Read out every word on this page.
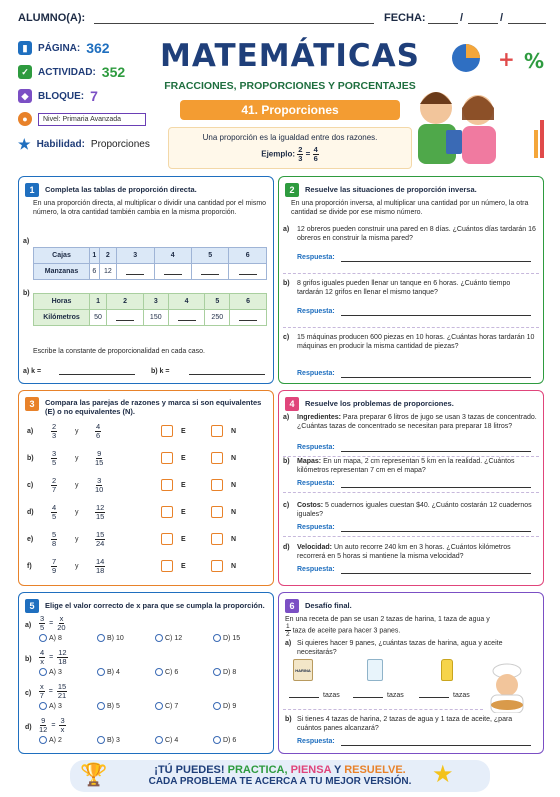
ALUMNO(A):	FECHA:	/	/
▮	PÁGINA: 362
✓ ACTIVIDAD: 352
◆ BLOQUE: 7
●	Nivel: Primaria Avanzada
★ Habilidad: Proporciones
MATEMÁTICAS
FRACCIONES, PROPORCIONES Y PORCENTAJES
41. Proporciones
Una proporción es la igualdad entre dos razones.
Ejemplo: $\frac{2}{3} = \frac{4}{6}$
+ %
1	Completa las tablas de proporción directa.
En una proporción directa, al multiplicar o dividir una cantidad por el mismo número, la otra cantidad también cambia en la misma proporción.
a)
Cajas	1	2	3	4	5	6
Manzanas	6	12				
b)
Horas	1	2	3	4	5	6
Kilómetros	50		150		250	
Escribe la constante de proporcionalidad en cada caso.
a) k =	b) k =
2	Resuelve las situaciones de proporción inversa.
En una proporción inversa, al multiplicar una cantidad por un número, la otra cantidad se divide por ese mismo número.
a) 12 obreros pueden construir una pared en 8 días. ¿Cuántos días tardarán 16 obreros en construir la misma pared?
Respuesta:
b) 8 grifos iguales pueden llenar un tanque en 6 horas. ¿Cuánto tiempo tardarán 12 grifos en llenar el mismo tanque?
Respuesta:
c) 15 máquinas producen 600 piezas en 10 horas. ¿Cuántas horas tardarán 10 máquinas en producir la misma cantidad de piezas?
Respuesta:
3	Compara las parejas de razones y marca si son equivalentes (E) o no equivalentes (N).
$a) \frac{2}{3}$	y $\frac{4}{6}$	E	N
$b) \frac{3}{5}$	y $\frac{9}{15}$	E	N
$c) \frac{2}{7}$	y $\frac{3}{10}$	E	N
$d) \frac{4}{5}$	y $\frac{12}{15}$	E	N
$e) \frac{5}{8}$	y $\frac{15}{24}$	E	N
f)	$\frac{7}{9}$	y $\frac{14}{18}$	E	N
4	Resuelve los problemas de proporciones.
a) Ingredientes: Para preparar 6 litros de jugo se usan 3 tazas de concentrado. ¿Cuántas tazas de concentrado se necesitan para preparar 18 litros?
Respuesta:
b) Mapas: En un mapa, 2 cm representan 5 km en la realidad. ¿Cuántos kilómetros representan 7 cm en el mapa?
Respuesta:
c) Costos: 5 cuadernos iguales cuestan $40. ¿Cuánto costarán 12 cuadernos iguales?
Respuesta:
d) Velocidad: Un auto recorre 240 km en 3 horas. ¿Cuántos kilómetros recorrerá en 5 horas si mantiene la misma velocidad?
Respuesta:
5	Elige el valor correcto de x para que se cumpla la proporción.
$a) \frac{3}{5} = \frac{x}{20}$
A) 8	B) 10	C) 12	D) 15
$b) \frac{4}{x} = \frac{12}{18}$
A) 3	B) 4	C) 6	D) 8
$c) \frac{x}{7} = \frac{15}{21}$
A) 3	B) 5	C) 7	D) 9
$d) \frac{9}{12} = \frac{3}{x}$
A) 2	B) 3	C) 4	D) 6
6	Desafío final.
En una receta de pan se usan 2 tazas de harina, 1 taza de agua y
$\frac{1}{2}$ taza de aceite para hacer 3 panes.
a) Si quieres hacer 9 panes, ¿cuántas tazas de harina, agua y aceite necesitarás?
HARINA
tazas	tazas	tazas
b) Si tienes 4 tazas de harina, 2 tazas de agua y 1 taza de aceite, ¿para cuántos panes alcanzará?
Respuesta:
¡TÚ PUEDES! PRACTICA, PIENSA Y RESUELVE.
CADA PROBLEMA TE ACERCA A TU MEJOR VERSIÓN.
🏆	★
